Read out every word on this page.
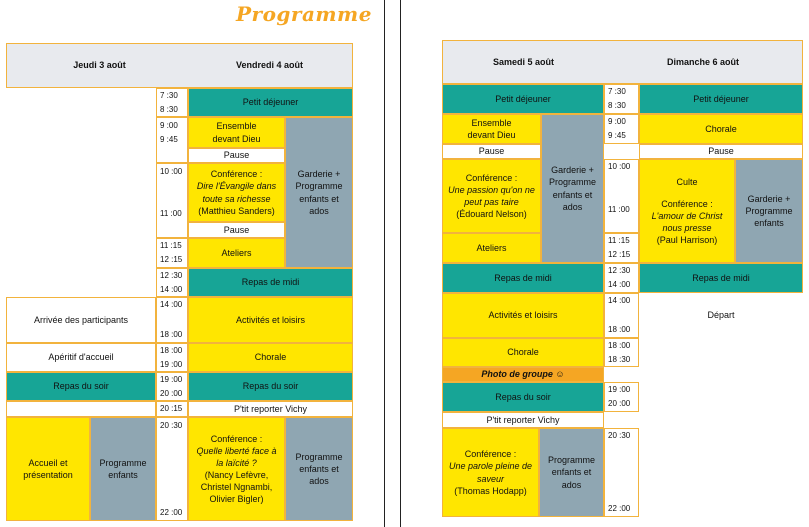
Programme
Jeudi 3 août	Vendredi 4 août
Arrivée des participants
Apéritif d'accueil
Repas du soir
Accueil et
présentation
Programme
enfants
7 :30
8 :30
9 :00
9 :45
10 :00
11 :00
11 :15
12 :15
12 :30
14 :00
14 :00
18 :00
18 :00
19 :00
19 :00
20 :00
20 :15
20 :30
22 :00
Petit déjeuner
Ensemble
devant Dieu
Pause
Conférence :
Dire l'Évangile dans
toute sa richesse
(Matthieu Sanders)
Pause
Ateliers
Garderie +
Programme
enfants et
ados
Repas de midi
Activités et loisirs
Chorale
Repas du soir
P'tit reporter Vichy
Conférence :
Quelle liberté face à
la laïcité ?
(Nancy Lefèvre,
Christel Ngnambi,
Olivier Bigler)
Programme
enfants et
ados
Samedi 5 août	Dimanche 6 août
Petit déjeuner
Ensemble
devant Dieu
Pause
Conférence :
Une passion qu'on ne
peut pas taire
(Édouard Nelson)
Ateliers
Garderie +
Programme
enfants et
ados
Repas de midi
Activités et loisirs
Chorale
Photo de groupe ☺
Repas du soir
P'tit reporter Vichy
Conférence :
Une parole pleine de
saveur
(Thomas Hodapp)
Programme
enfants et
ados
7 :30
8 :30
9 :00
9 :45
10 :00
11 :00
11 :15
12 :15
12 :30
14 :00
14 :00
18 :00
18 :00
18 :30
19 :00
20 :00
20 :30
22 :00
Petit déjeuner
Chorale
Pause
Culte
Conférence :
L'amour de Christ
nous presse
(Paul Harrison)
Garderie +
Programme
enfants
Repas de midi
Départ
